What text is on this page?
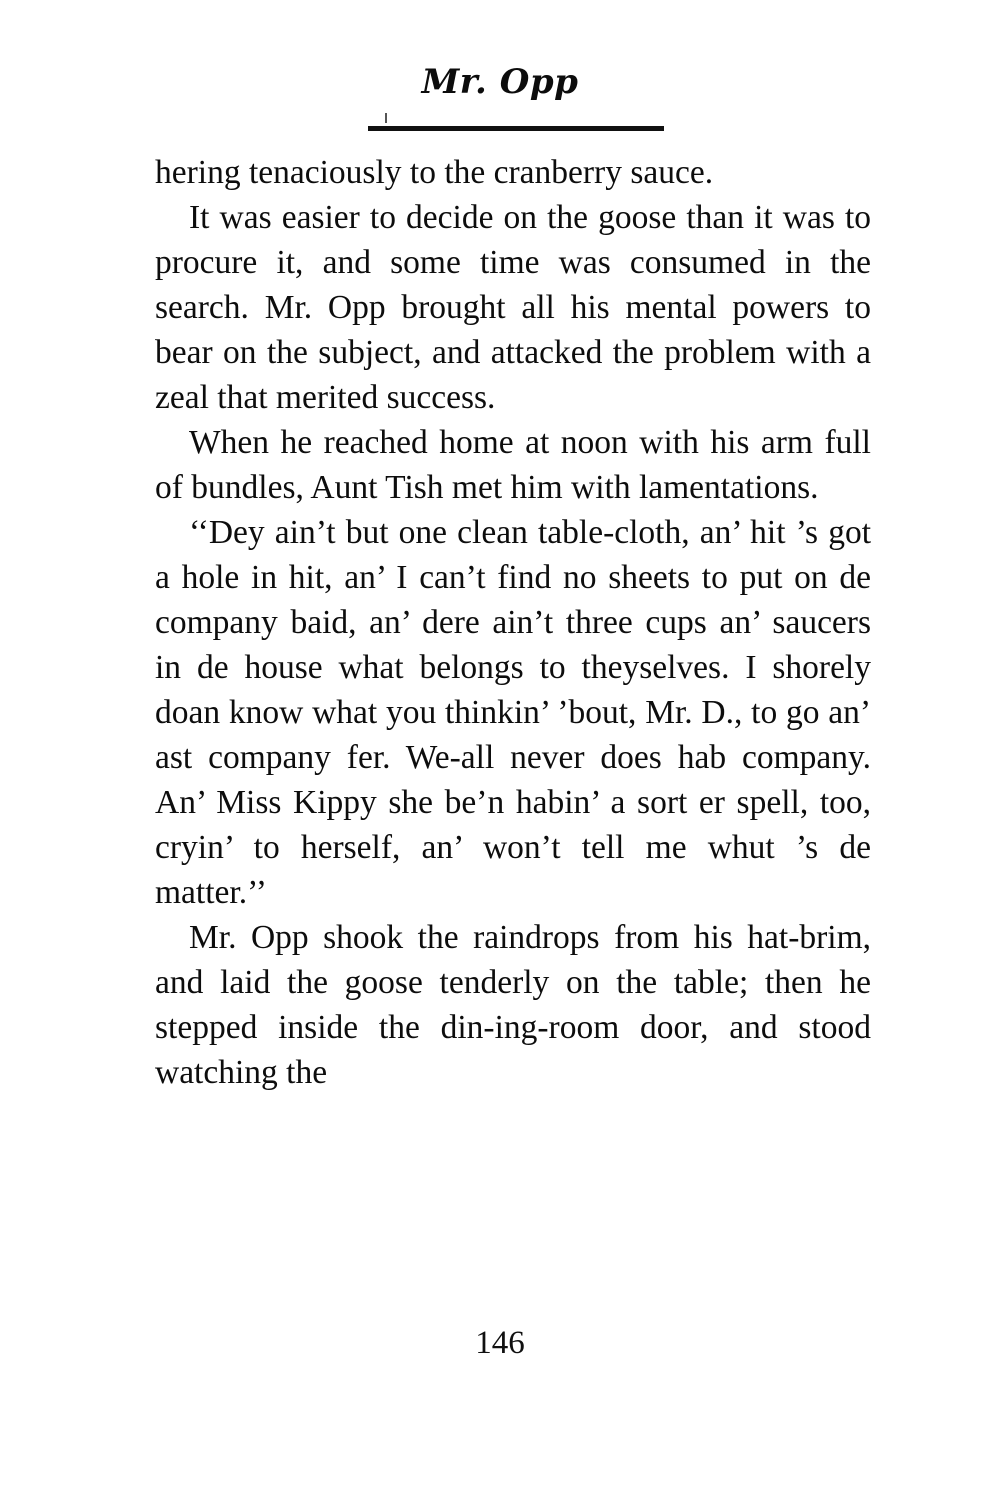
Mr. Opp

hering tenaciously to the cranberry sauce.

It was easier to decide on the goose than it was to procure it, and some time was consumed in the search. Mr. Opp brought all his mental powers to bear on the subject, and attacked the problem with a zeal that merited success.

When he reached home at noon with his arm full of bundles, Aunt Tish met him with lamentations.

‘‘Dey ain’t but one clean table-cloth, an’ hit ’s got a hole in hit, an’ I can’t find no sheets to put on de company baid, an’ dere ain’t three cups an’ saucers in de house what belongs to theyselves. I shorely doan know what you thinkin’ ’bout, Mr. D., to go an’ ast company fer. We-all never does hab company. An’ Miss Kippy she be’n habin’ a sort er spell, too, cryin’ to herself, an’ won’t tell me whut ’s de matter.’’

Mr. Opp shook the raindrops from his hat-brim, and laid the goose tenderly on the table; then he stepped inside the din-ing-room door, and stood watching the

146
